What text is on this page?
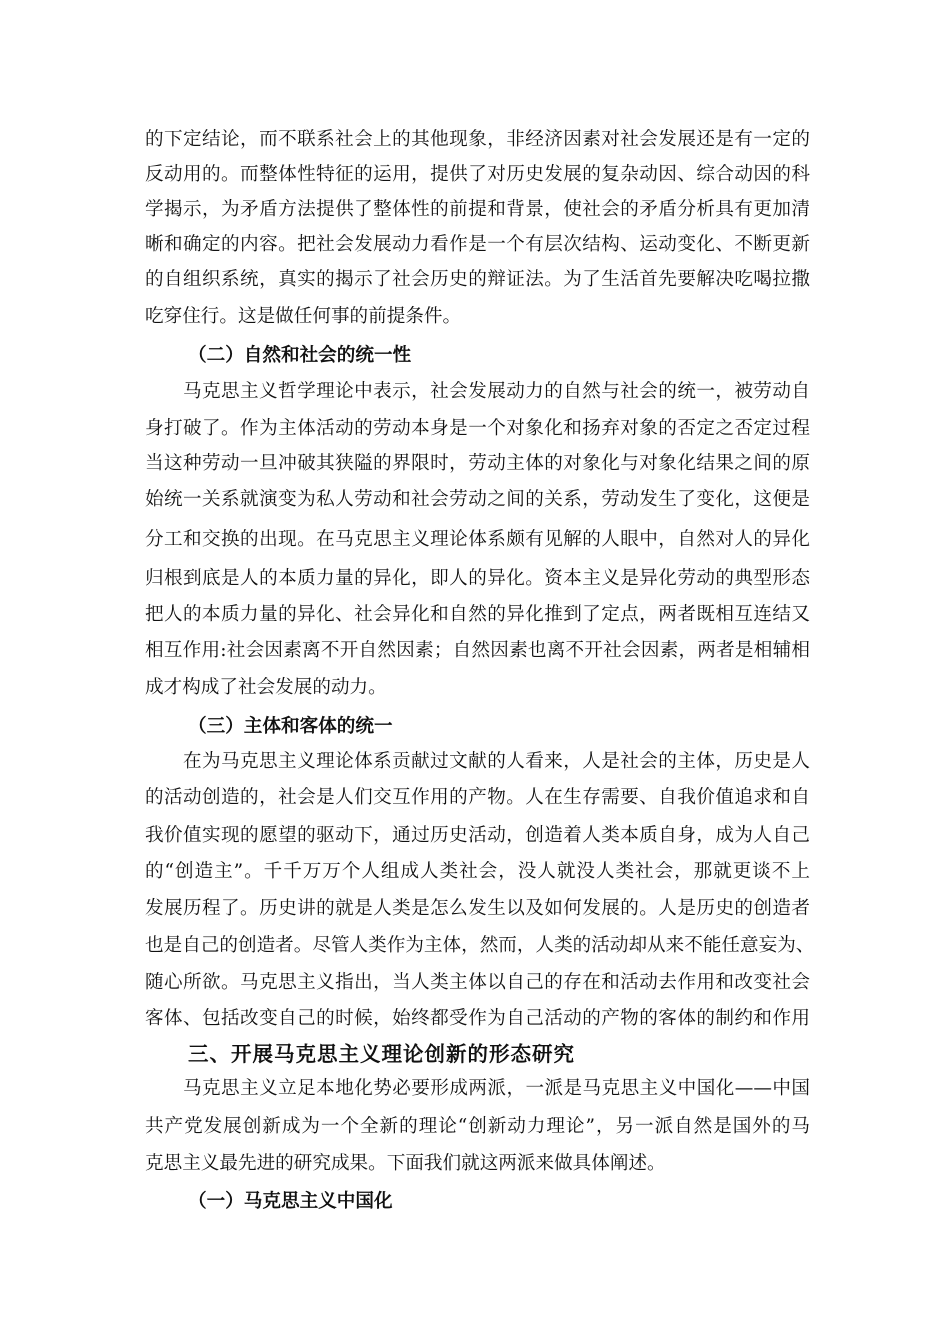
的下定结论，而不联系社会上的其他现象，非经济因素对社会发展还是有一定的
反动用的。而整体性特征的运用，提供了对历史发展的复杂动因、综合动因的科
学揭示，为矛盾方法提供了整体性的前提和背景，使社会的矛盾分析具有更加清
晰和确定的内容。把社会发展动力看作是一个有层次结构、运动变化、不断更新
的自组织系统，真实的揭示了社会历史的辩证法。为了生活首先要解决吃喝拉撒
吃穿住行。这是做任何事的前提条件。
（二）自然和社会的统一性
马克思主义哲学理论中表示，社会发展动力的自然与社会的统一，被劳动自
身打破了。作为主体活动的劳动本身是一个对象化和扬弃对象的否定之否定过程
当这种劳动一旦冲破其狭隘的界限时，劳动主体的对象化与对象化结果之间的原
始统一关系就演变为私人劳动和社会劳动之间的关系，劳动发生了变化，这便是
分工和交换的出现。在马克思主义理论体系颇有见解的人眼中，自然对人的异化
归根到底是人的本质力量的异化，即人的异化。资本主义是异化劳动的典型形态
把人的本质力量的异化、社会异化和自然的异化推到了定点，两者既相互连结又
相互作用:社会因素离不开自然因素；自然因素也离不开社会因素，两者是相辅相
成才构成了社会发展的动力。
（三）主体和客体的统一
在为马克思主义理论体系贡献过文献的人看来，人是社会的主体，历史是人
的活动创造的，社会是人们交互作用的产物。人在生存需要、自我价值追求和自
我价值实现的愿望的驱动下，通过历史活动，创造着人类本质自身，成为人自己
的“创造主”。千千万万个人组成人类社会，没人就没人类社会，那就更谈不上
发展历程了。历史讲的就是人类是怎么发生以及如何发展的。人是历史的创造者
也是自己的创造者。尽管人类作为主体，然而，人类的活动却从来不能任意妄为、
随心所欲。马克思主义指出，当人类主体以自己的存在和活动去作用和改变社会
客体、包括改变自己的时候，始终都受作为自己活动的产物的客体的制约和作用
三、开展马克思主义理论创新的形态研究
马克思主义立足本地化势必要形成两派，一派是马克思主义中国化——中国
共产党发展创新成为一个全新的理论“创新动力理论”，另一派自然是国外的马
克思主义最先进的研究成果。下面我们就这两派来做具体阐述。
（一）马克思主义中国化
